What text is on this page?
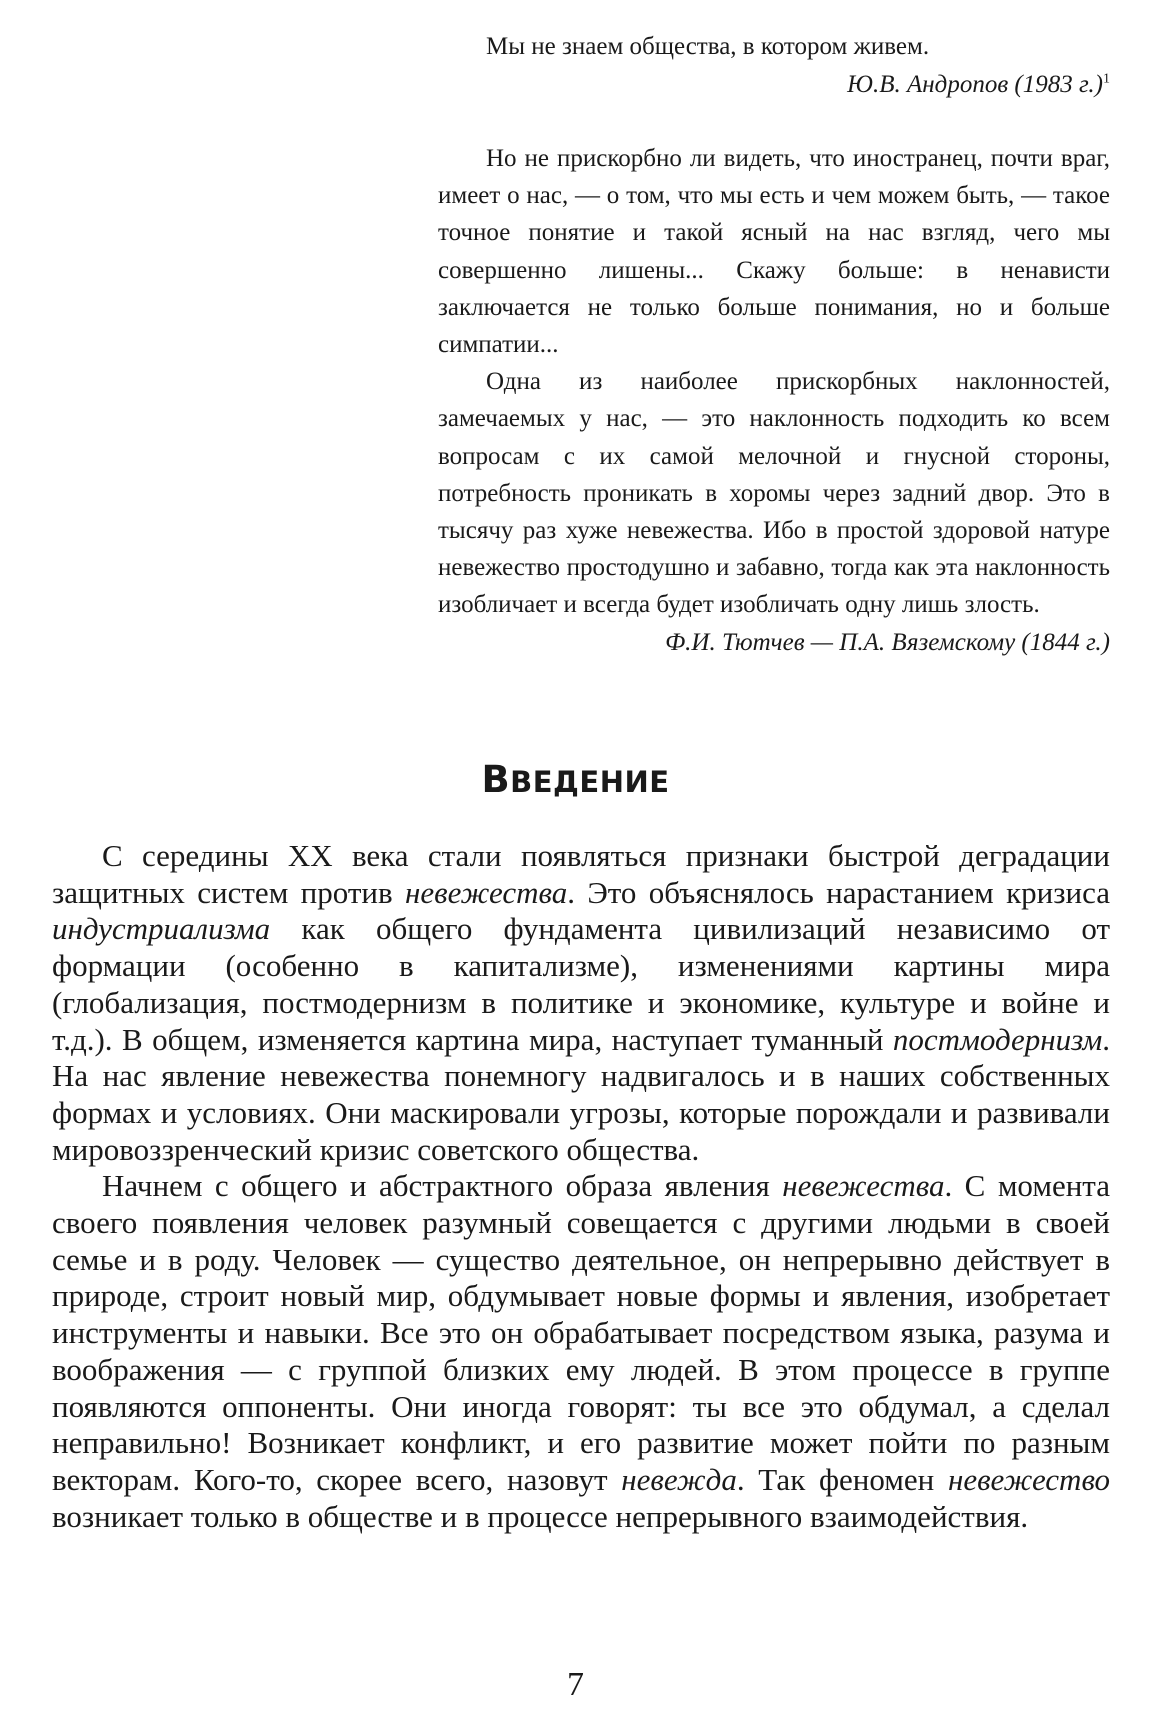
Мы не знаем общества, в котором живем.
Ю.В. Андропов (1983 г.)$^1$

Но не прискорбно ли видеть, что иностранец, почти враг, имеет о нас, — о том, что мы есть и чем можем быть, — такое точное понятие и такой ясный на нас взгляд, чего мы совершенно лишены... Скажу больше: в ненависти заключается не только больше понимания, но и больше симпатии...

Одна из наиболее прискорбных наклонностей, замечаемых у нас, — это наклонность подходить ко всем вопросам с их самой мелочной и гнусной стороны, потребность проникать в хоромы через задний двор. Это в тысячу раз хуже невежества. Ибо в простой здоровой натуре невежество простодушно и забавно, тогда как эта наклонность изобличает и всегда будет изобличать одну лишь злость.

Ф.И. Тютчев — П.А. Вяземскому (1844 г.)
ВВЕДЕНИЕ

С середины XX века стали появляться признаки быстрой деградации защитных систем против невежества. Это объяснялось нарастанием кризиса индустриализма как общего фундамента цивилизаций независимо от формации (особенно в капитализме), изменениями картины мира (глобализация, постмодернизм в политике и экономике, культуре и войне и т.д.). В общем, изменяется картина мира, наступает туманный постмодернизм. На нас явление невежества понемногу надвигалось и в наших собственных формах и условиях. Они маскировали угрозы, которые порождали и развивали мировоззренческий кризис советского общества.

Начнем с общего и абстрактного образа явления невежества. С момента своего появления человек разумный совещается с другими людьми в своей семье и в роду. Человек — существо деятельное, он непрерывно действует в природе, строит новый мир, обдумывает новые формы и явления, изобретает инструменты и навыки. Все это он обрабатывает посредством языка, разума и воображения — с группой близких ему людей. В этом процессе в группе появляются оппоненты. Они иногда говорят: ты все это обдумал, а сделал неправильно! Возникает конфликт, и его развитие может пойти по разным векторам. Кого-то, скорее всего, назовут невежда. Так феномен невежество возникает только в обществе и в процессе непрерывного взаимодействия.

7
